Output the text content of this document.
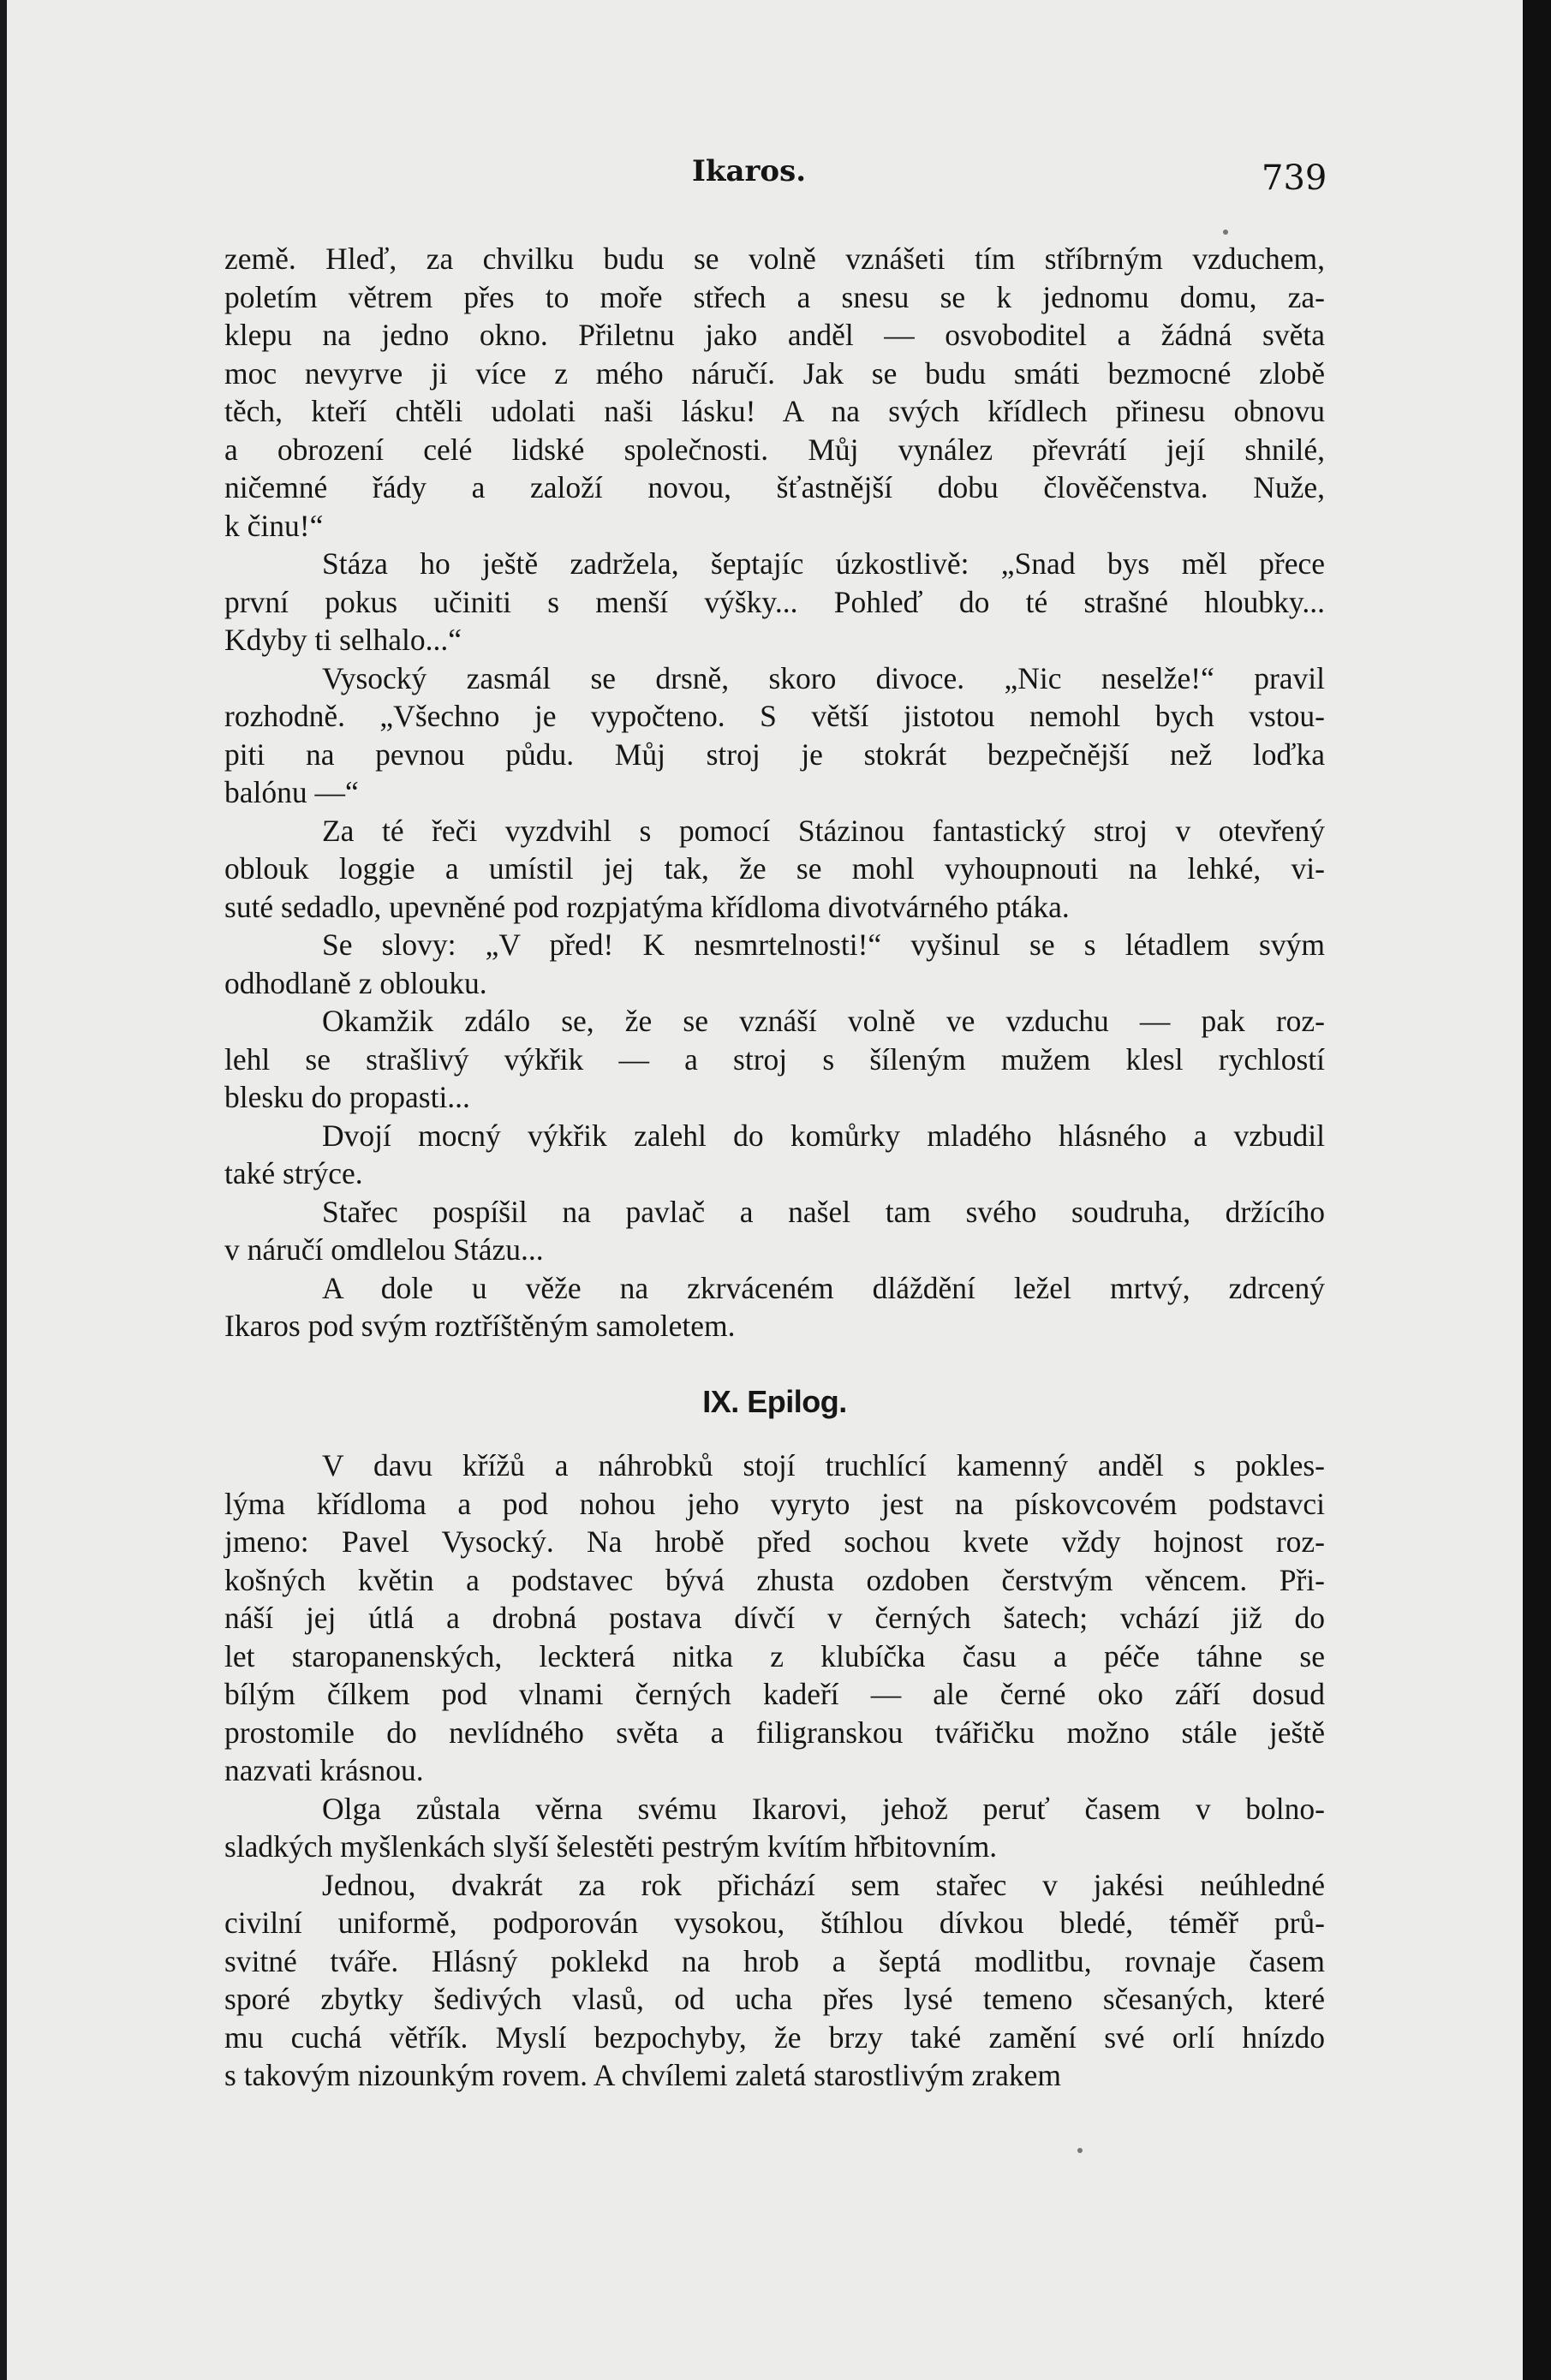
Ikaros.	739
země. Hleď, za chvilku budu se volně vznášeti tím stříbrným vzduchem,
poletím větrem přes to moře střech a snesu se k jednomu domu, za-
klepu na jedno okno. Přiletnu jako anděl — osvoboditel a žádná světa
moc nevyrve ji více z mého náručí. Jak se budu smáti bezmocné zlobě
těch, kteří chtěli udolati naši lásku! A na svých křídlech přinesu obnovu
a obrození celé lidské společnosti. Můj vynález převrátí její shnilé,
ničemné řády a založí novou, šťastnější dobu člověčenstva. Nuže,
k činu!“
Stáza ho ještě zadržela, šeptajíc úzkostlivě: „Snad bys měl přece
první pokus učiniti s menší výšky... Pohleď do té strašné hloubky...
Kdyby ti selhalo...“
Vysocký zasmál se drsně, skoro divoce. „Nic neselže!“ pravil
rozhodně. „Všechno je vypočteno. S větší jistotou nemohl bych vstou-
piti na pevnou půdu. Můj stroj je stokrát bezpečnější než loďka
balónu —“
Za té řeči vyzdvihl s pomocí Stázinou fantastický stroj v otevřený
oblouk loggie a umístil jej tak, že se mohl vyhoupnouti na lehké, vi-
suté sedadlo, upevněné pod rozpjatýma křídloma divotvárného ptáka.
Se slovy: „V před! K nesmrtelnosti!“ vyšinul se s létadlem svým
odhodlaně z oblouku.
Okamžik zdálo se, že se vznáší volně ve vzduchu — pak roz-
lehl se strašlivý výkřik — a stroj s šíleným mužem klesl rychlostí
blesku do propasti...
Dvojí mocný výkřik zalehl do komůrky mladého hlásného a vzbudil
také strýce.
Stařec pospíšil na pavlač a našel tam svého soudruha, držícího
v náručí omdlelou Stázu...
A dole u věže na zkrváceném dláždění ležel mrtvý, zdrcený
Ikaros pod svým roztříštěným samoletem.
IX. Epilog.
V davu křížů a náhrobků stojí truchlící kamenný anděl s pokles-
lýma křídloma a pod nohou jeho vyryto jest na pískovcovém podstavci
jmeno: Pavel Vysocký. Na hrobě před sochou kvete vždy hojnost roz-
košných květin a podstavec bývá zhusta ozdoben čerstvým věncem. Při-
náší jej útlá a drobná postava dívčí v černých šatech; vchází již do
let staropanenských, leckterá nitka z klubíčka času a péče táhne se
bílým čílkem pod vlnami černých kadeří — ale černé oko září dosud
prostomile do nevlídného světa a filigranskou tvářičku možno stále ještě
nazvati krásnou.
Olga zůstala věrna svému Ikarovi, jehož peruť časem v bolno-
sladkých myšlenkách slyší šelestěti pestrým kvítím hřbitovním.
Jednou, dvakrát za rok přichází sem stařec v jakési neúhledné
civilní uniformě, podporován vysokou, štíhlou dívkou bledé, téměř prů-
svitné tváře. Hlásný poklekd na hrob a šeptá modlitbu, rovnaje časem
sporé zbytky šedivých vlasů, od ucha přes lysé temeno sčesaných, které
mu cuchá větřík. Myslí bezpochyby, že brzy také zamění své orlí hnízdo
s takovým nizounkým rovem. A chvílemi zaletá starostlivým zrakem
